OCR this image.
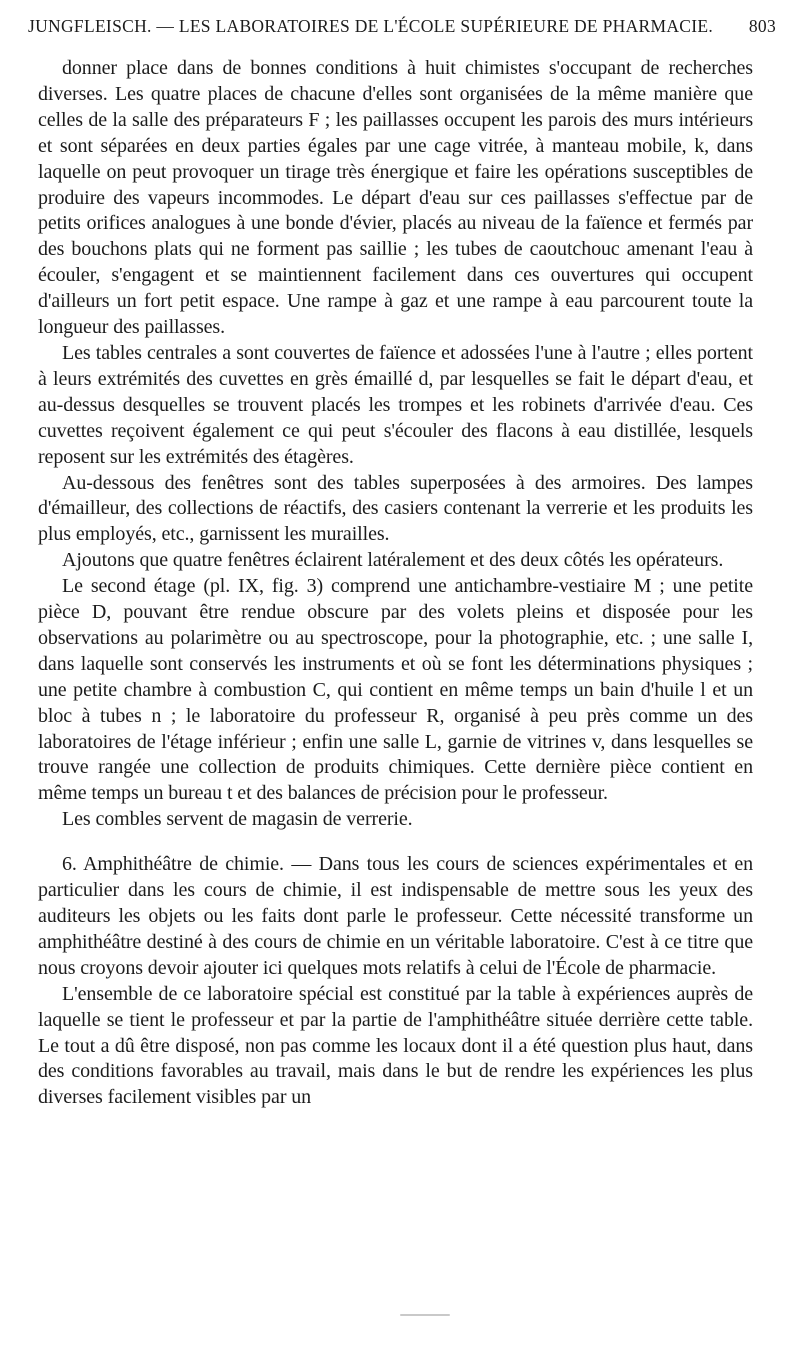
JUNGFLEISCH. — LES LABORATOIRES DE L'ÉCOLE SUPÉRIEURE DE PHARMACIE. 803

donner place dans de bonnes conditions à huit chimistes s'occupant de recherches diverses. Les quatre places de chacune d'elles sont organisées de la même manière que celles de la salle des préparateurs F ; les paillasses occupent les parois des murs intérieurs et sont séparées en deux parties égales par une cage vitrée, à manteau mobile, k, dans laquelle on peut provoquer un tirage très énergique et faire les opérations susceptibles de produire des vapeurs incommodes. Le départ d'eau sur ces paillasses s'effectue par de petits orifices analogues à une bonde d'évier, placés au niveau de la faïence et fermés par des bouchons plats qui ne forment pas saillie ; les tubes de caoutchouc amenant l'eau à écouler, s'engagent et se maintiennent facilement dans ces ouvertures qui occupent d'ailleurs un fort petit espace. Une rampe à gaz et une rampe à eau parcourent toute la longueur des paillasses.

Les tables centrales a sont couvertes de faïence et adossées l'une à l'autre ; elles portent à leurs extrémités des cuvettes en grès émaillé d, par lesquelles se fait le départ d'eau, et au-dessus desquelles se trouvent placés les trompes et les robinets d'arrivée d'eau. Ces cuvettes reçoivent également ce qui peut s'écouler des flacons à eau distillée, lesquels reposent sur les extrémités des étagères.

Au-dessous des fenêtres sont des tables superposées à des armoires. Des lampes d'émailleur, des collections de réactifs, des casiers contenant la verrerie et les produits les plus employés, etc., garnissent les murailles.

Ajoutons que quatre fenêtres éclairent latéralement et des deux côtés les opérateurs.

Le second étage (pl. IX, fig. 3) comprend une antichambre-vestiaire M ; une petite pièce D, pouvant être rendue obscure par des volets pleins et disposée pour les observations au polarimètre ou au spectroscope, pour la photographie, etc. ; une salle I, dans laquelle sont conservés les instruments et où se font les déterminations physiques ; une petite chambre à combustion C, qui contient en même temps un bain d'huile l et un bloc à tubes n ; le laboratoire du professeur R, organisé à peu près comme un des laboratoires de l'étage inférieur ; enfin une salle L, garnie de vitrines v, dans lesquelles se trouve rangée une collection de produits chimiques. Cette dernière pièce contient en même temps un bureau t et des balances de précision pour le professeur.

Les combles servent de magasin de verrerie.

6. Amphithéâtre de chimie. — Dans tous les cours de sciences expérimentales et en particulier dans les cours de chimie, il est indispensable de mettre sous les yeux des auditeurs les objets ou les faits dont parle le professeur. Cette nécessité transforme un amphithéâtre destiné à des cours de chimie en un véritable laboratoire. C'est à ce titre que nous croyons devoir ajouter ici quelques mots relatifs à celui de l'École de pharmacie.

L'ensemble de ce laboratoire spécial est constitué par la table à expériences auprès de laquelle se tient le professeur et par la partie de l'amphithéâtre située derrière cette table. Le tout a dû être disposé, non pas comme les locaux dont il a été question plus haut, dans des conditions favorables au travail, mais dans le but de rendre les expériences les plus diverses facilement visibles par un
